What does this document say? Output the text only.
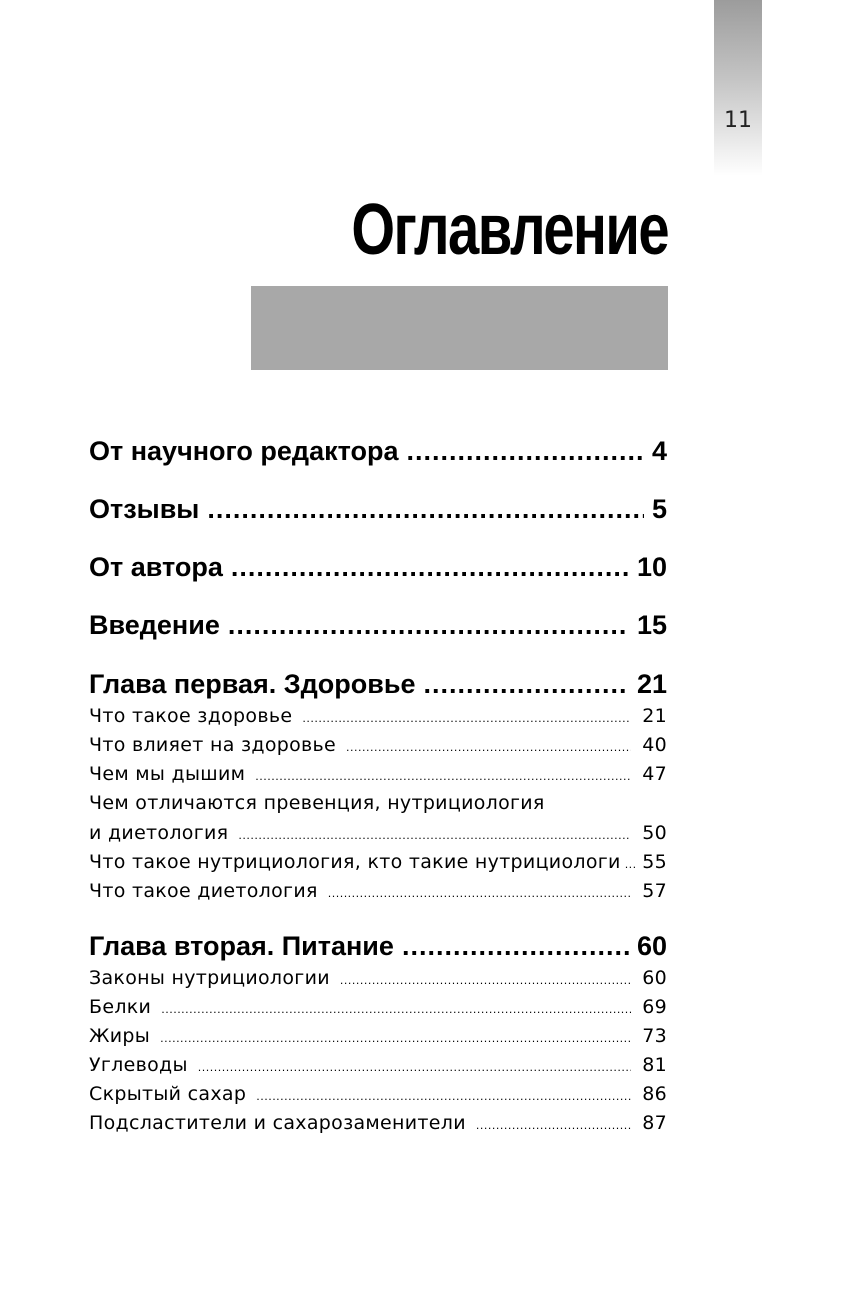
11
Оглавление
От научного редактора .....	4
Отзывы .....	5
От автора .....	10
Введение .....	15
Глава первая. Здоровье .....	21
Что такое здоровье .....	21
Что влияет на здоровье .....	40
Чем мы дышим .....	47
Чем отличаются превенция, нутрициология
и диетология .....	50
Что такое нутрициология, кто такие нутрициологи ..... 55
Что такое диетология .....	57
Глава вторая. Питание .....	60
Законы нутрициологии .....	60
Белки .....	69
Жиры .....	73
Углеводы .....	81
Скрытый сахар .....	86
Подсластители и сахарозаменители .....	87
